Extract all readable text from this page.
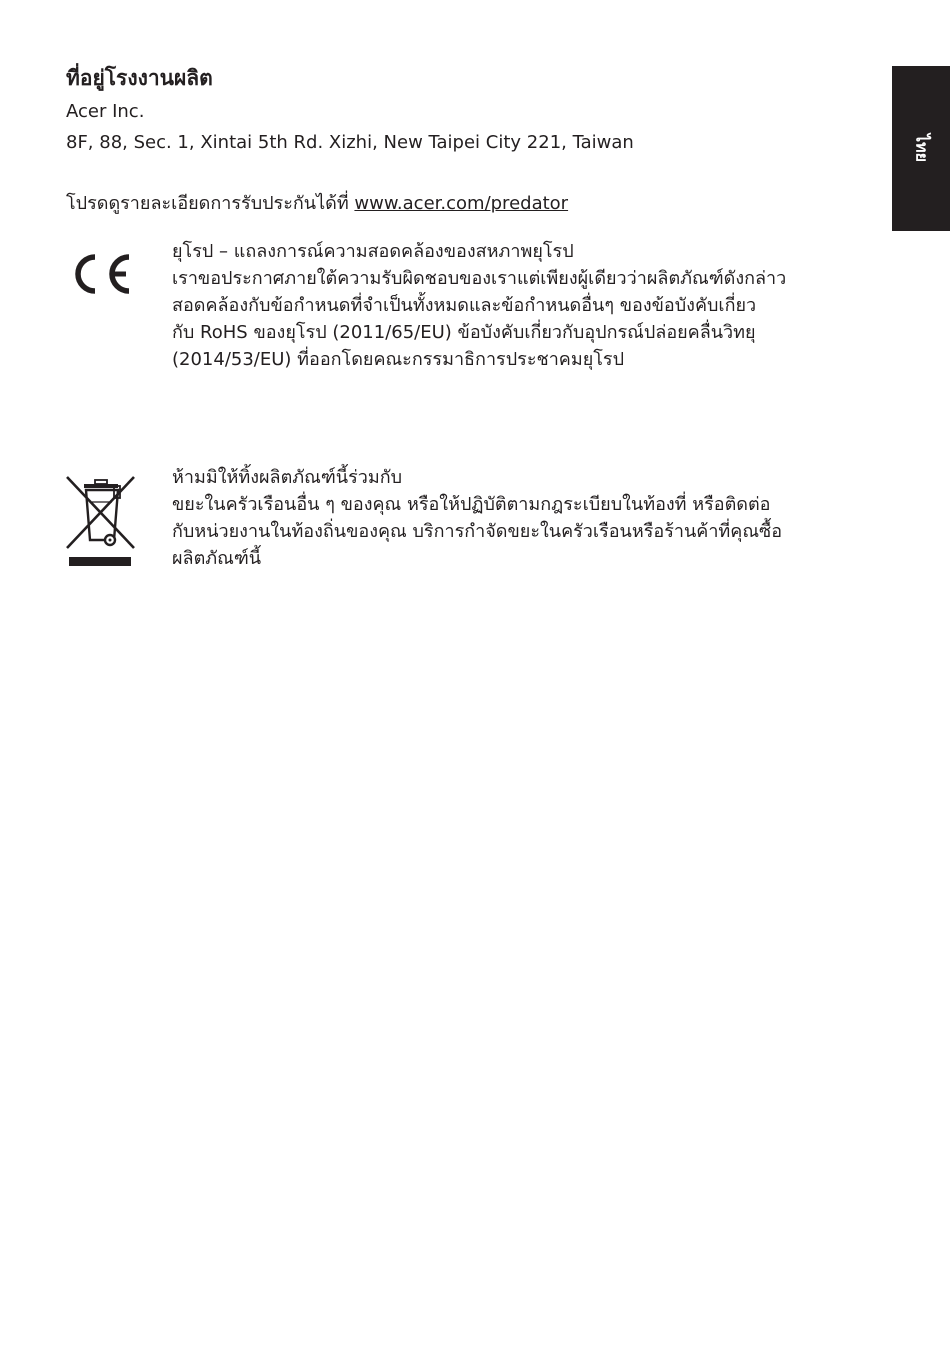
ที่อยู่โรงงานผลิต
Acer Inc.
8F, 88, Sec. 1, Xintai 5th Rd. Xizhi, New Taipei City 221, Taiwan
โปรดดูรายละเอียดการรับประกันได้ที่ www.acer.com/predator
ไทย
ยุโรป – แถลงการณ์ความสอดคล้องของสหภาพยุโรป
เราขอประกาศภายใต้ความรับผิดชอบของเราแต่เพียงผู้เดียวว่าผลิตภัณฑ์ดังกล่าว
สอดคล้องกับข้อกำหนดที่จำเป็นทั้งหมดและข้อกำหนดอื่นๆ ของข้อบังคับเกี่ยว
กับ RoHS ของยุโรป (2011/65/EU) ข้อบังคับเกี่ยวกับอุปกรณ์ปล่อยคลื่นวิทยุ
(2014/53/EU) ที่ออกโดยคณะกรรมาธิการประชาคมยุโรป
ห้ามมิให้ทิ้งผลิตภัณฑ์นี้ร่วมกับ
ขยะในครัวเรือนอื่น ๆ ของคุณ หรือให้ปฏิบัติตามกฎระเบียบในท้องที่ หรือติดต่อ
กับหน่วยงานในท้องถิ่นของคุณ บริการกำจัดขยะในครัวเรือนหรือร้านค้าที่คุณซื้อ
ผลิตภัณฑ์นี้
